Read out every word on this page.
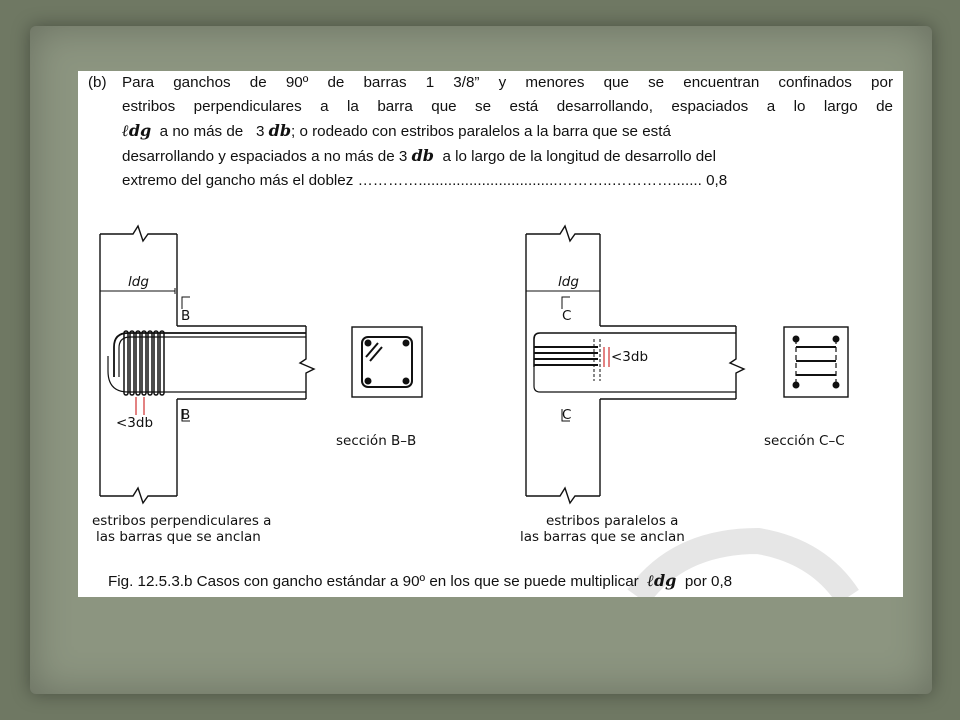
(b) Para ganchos de 90º de barras 1 3/8” y menores que se encuentran confinados por
estribos perpendiculares a la barra que se está desarrollando, espaciados a lo largo de
ℓdg a no más de 3 db; o rodeado con estribos paralelos a la barra que se está
desarrollando y espaciados a no más de 3 db a lo largo de la longitud de desarrollo del
extremo del gancho más el doblez ………….................................………..…………....... 0,8
ldg
B
B
<3db
estribos perpendiculares a
las barras que se anclan
sección B–B
ldg
C
C
<3db
estribos paralelos a
las barras que se anclan
sección C–C
Fig. 12.5.3.b Casos con gancho estándar a 90º en los que se puede multiplicar ℓdg por 0,8
